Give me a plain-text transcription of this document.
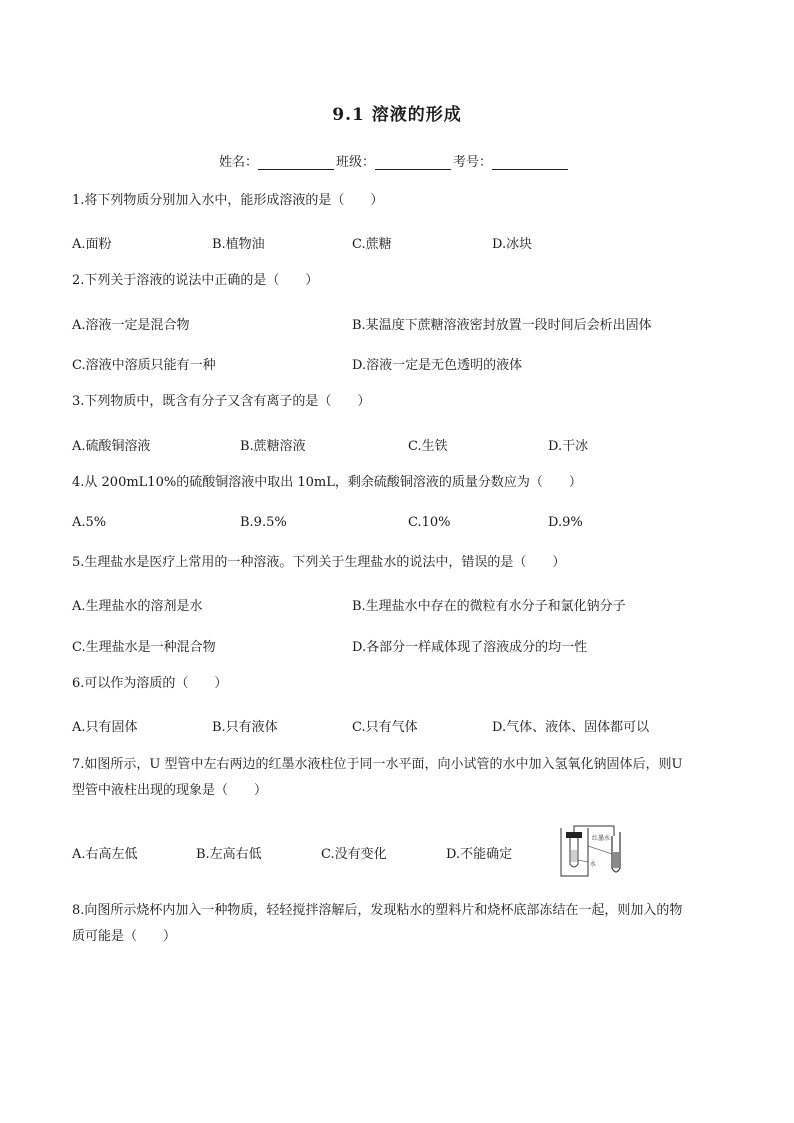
9.1 溶液的形成
姓名：	班级：	考号：
1.将下列物质分别加入水中，能形成溶液的是（　　）
A.面粉	B.植物油	C.蔗糖	D.冰块
2.下列关于溶液的说法中正确的是（　　）
A.溶液一定是混合物	B.某温度下蔗糖溶液密封放置一段时间后会析出固体
C.溶液中溶质只能有一种	D.溶液一定是无色透明的液体
3.下列物质中，既含有分子又含有离子的是（　　）
A.硫酸铜溶液	B.蔗糖溶液	C.生铁	D.干冰
4.从 200mL10%的硫酸铜溶液中取出 10mL，剩余硫酸铜溶液的质量分数应为（　　）
A.5%	B.9.5%	C.10%	D.9%
5.生理盐水是医疗上常用的一种溶液。下列关于生理盐水的说法中，错误的是（　　）
A.生理盐水的溶剂是水	B.生理盐水中存在的微粒有水分子和氯化钠分子
C.生理盐水是一种混合物	D.各部分一样咸体现了溶液成分的均一性
6.可以作为溶质的（　　）
A.只有固体	B.只有液体	C.只有气体	D.气体、液体、固体都可以
7.如图所示，U 型管中左右两边的红墨水液柱位于同一水平面，向小试管的水中加入氢氧化钠固体后，则U
型管中液柱出现的现象是（　　）
A.右高左低	B.左高右低	C.没有变化	D.不能确定
红墨水
水
8.向图所示烧杯内加入一种物质，轻轻搅拌溶解后，发现粘水的塑料片和烧杯底部冻结在一起，则加入的物
质可能是（　　）
